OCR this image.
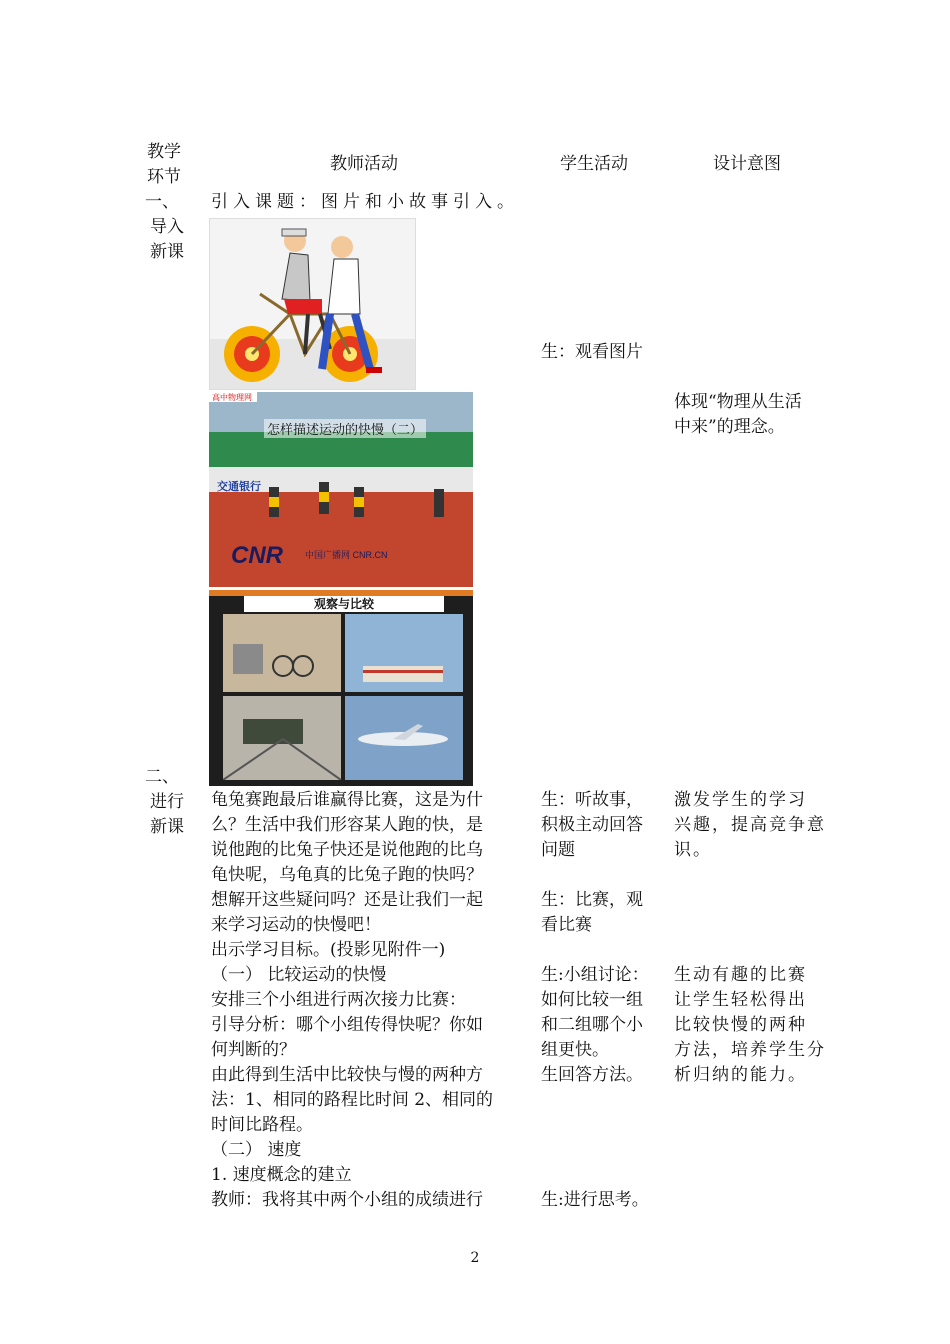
教学
环节
教师活动	学生活动	设计意图
一、
导入
新课
引入课题：图片和小故事引入。
生：观看图片
高中物理网
怎样描述运动的快慢（二）
交通银行
CNR 中国广播网 CNR.CN
体现“物理从生活
中来”的理念。
观察与比较
二、
进行
新课
龟兔赛跑最后谁赢得比赛，这是为什
么？生活中我们形容某人跑的快，是
说他跑的比兔子快还是说他跑的比乌
龟快呢，乌龟真的比兔子跑的快吗？
想解开这些疑问吗？还是让我们一起
来学习运动的快慢吧！
出示学习目标。(投影见附件一)
（一） 比较运动的快慢
安排三个小组进行两次接力比赛：
引导分析：哪个小组传得快呢？你如
何判断的？
由此得到生活中比较快与慢的两种方
法：1、相同的路程比时间 2、相同的
时间比路程。
（二） 速度
1. 速度概念的建立
教师：我将其中两个小组的成绩进行
生：听故事，
积极主动回答
问题
生：比赛，观
看比赛
生:小组讨论：
如何比较一组
和二组哪个小
组更快。
生回答方法。
生:进行思考。
激发学生的学习
兴趣，提高竞争意
识。
生动有趣的比赛
让学生轻松得出
比较快慢的两种
方法，培养学生分
析归纳的能力。
2
